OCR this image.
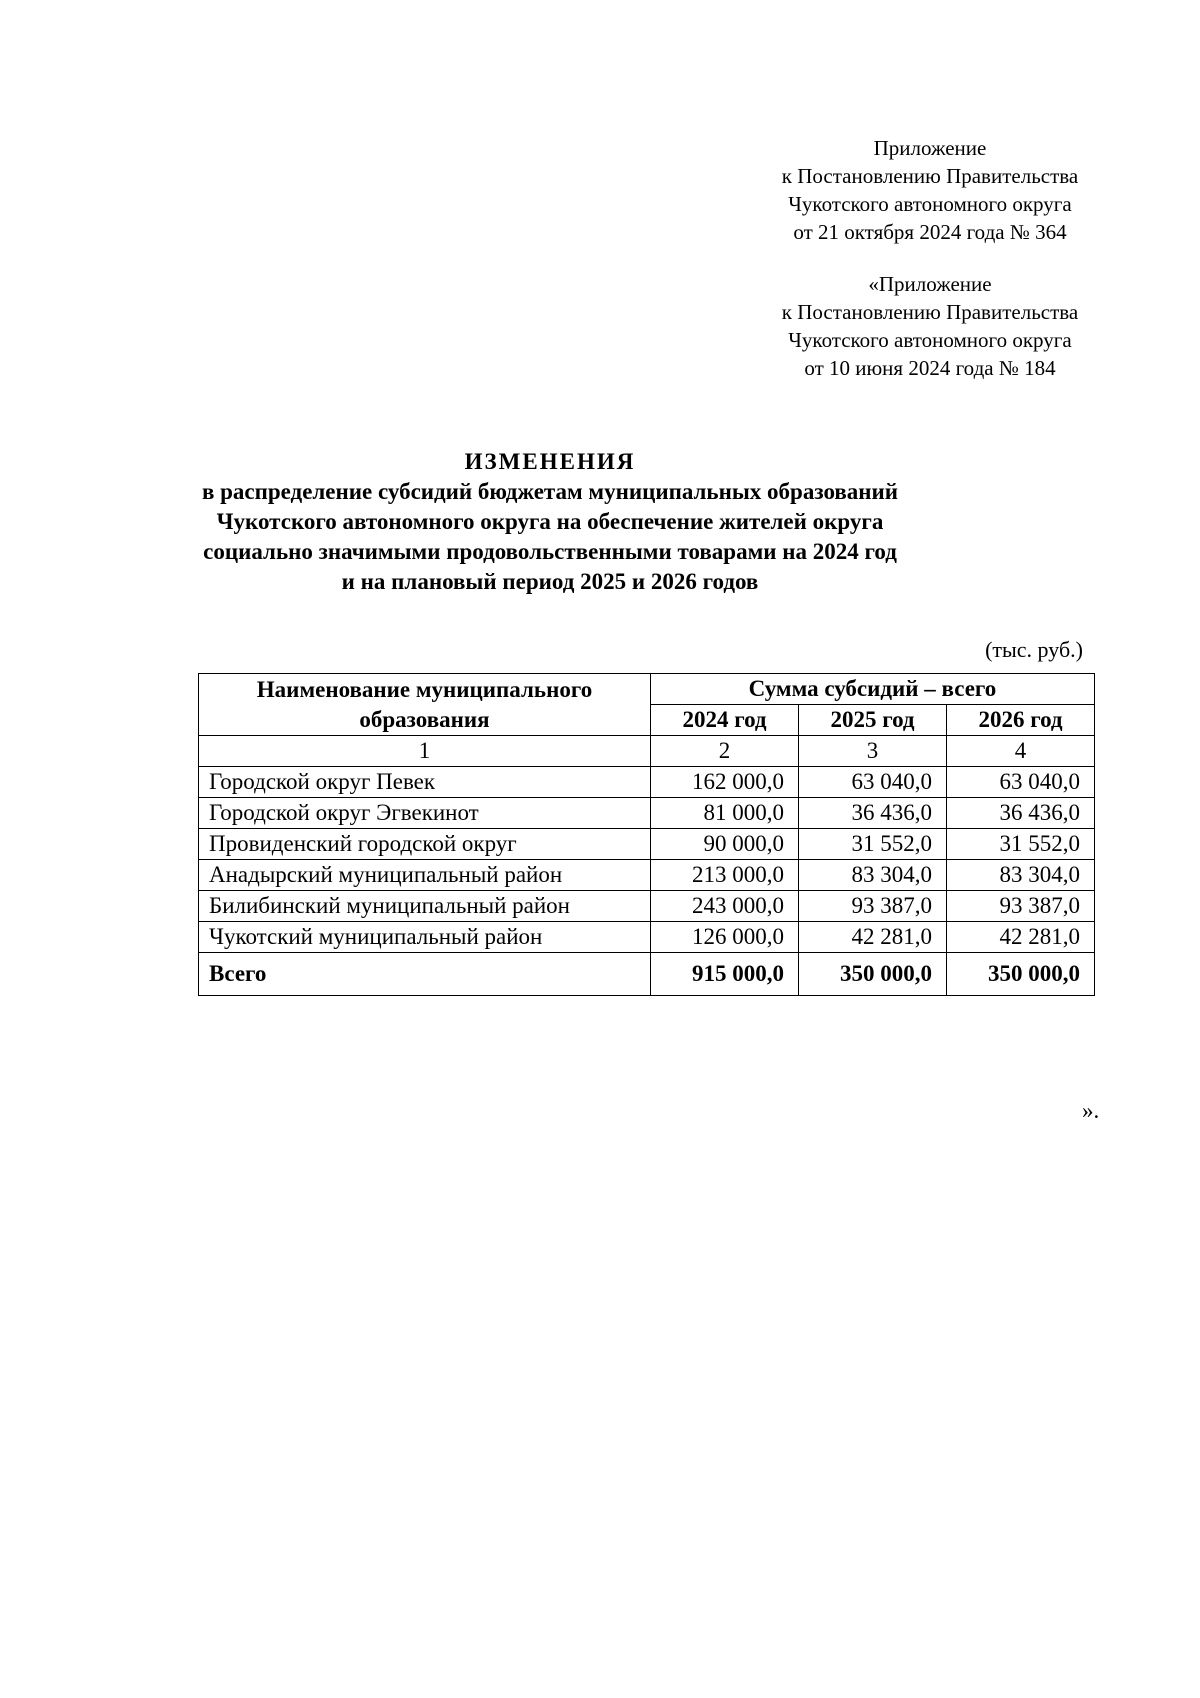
Приложение
к Постановлению Правительства
Чукотского автономного округа
от 21 октября 2024 года № 364
«Приложение
к Постановлению Правительства
Чукотского автономного округа
от 10 июня 2024 года № 184
ИЗМЕНЕНИЯ
в распределение субсидий бюджетам муниципальных образований
Чукотского автономного округа на обеспечение жителей округа
социально значимыми продовольственными товарами на 2024 год
и на плановый период 2025 и 2026 годов
(тыс. руб.)
Наименование муниципального образования	Сумма субсидий – всего		
	2024 год	2025 год	2026 год
1	2	3	4
Городской округ Певек	162 000,0	63 040,0	63 040,0
Городской округ Эгвекинот	81 000,0	36 436,0	36 436,0
Провиденский городской округ	90 000,0	31 552,0	31 552,0
Анадырский муниципальный район	213 000,0	83 304,0	83 304,0
Билибинский муниципальный район	243 000,0	93 387,0	93 387,0
Чукотский муниципальный район	126 000,0	42 281,0	42 281,0
Всего	915 000,0	350 000,0	350 000,0
».
